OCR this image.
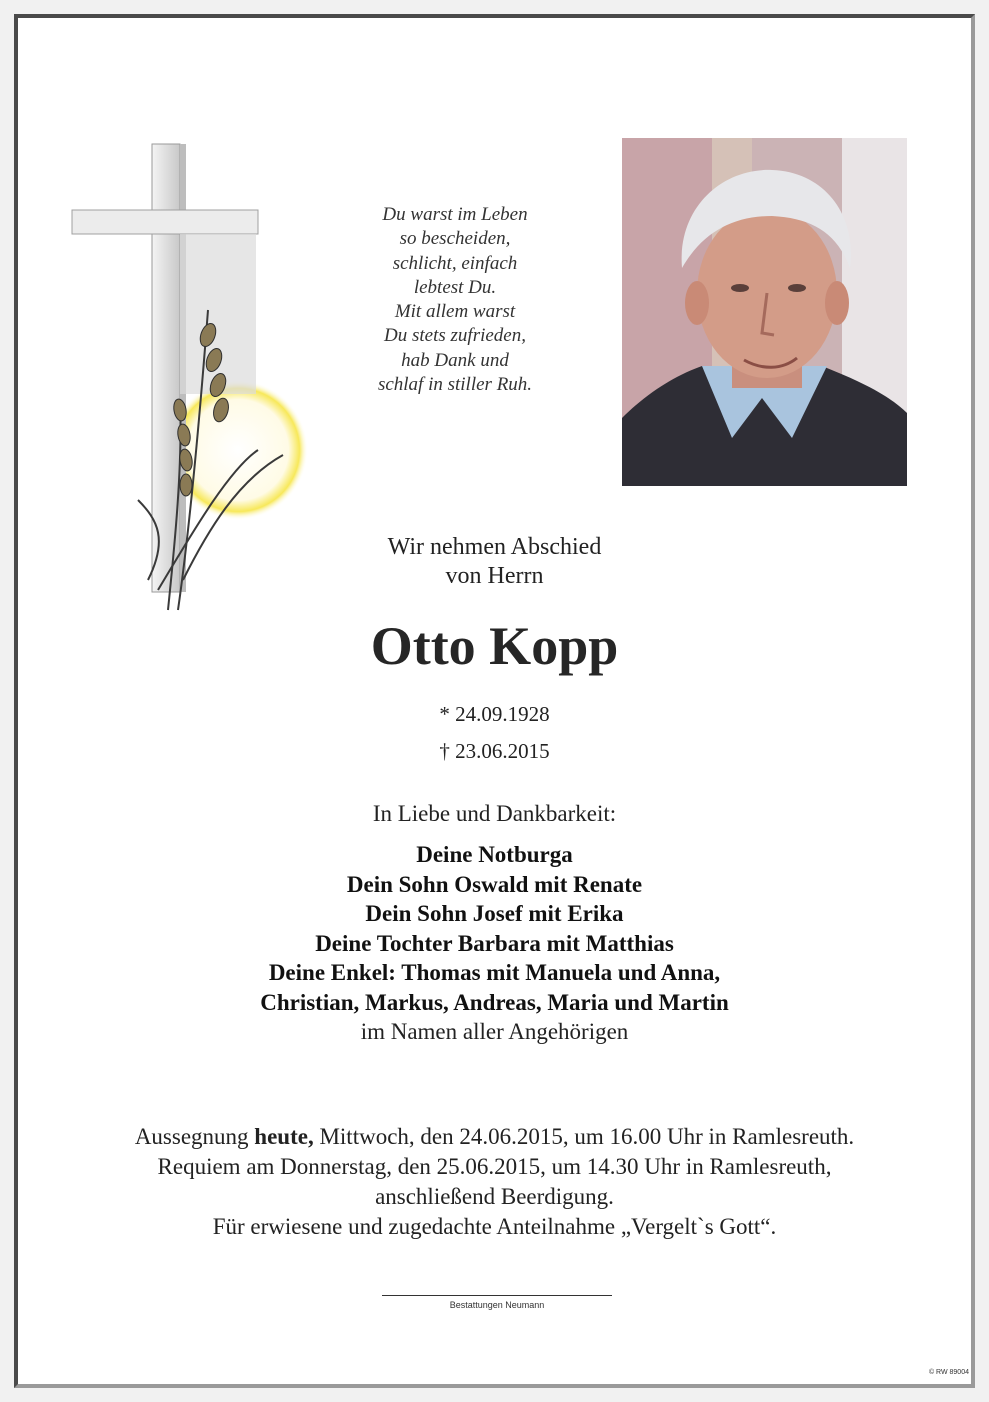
Du warst im Leben
so bescheiden,
schlicht, einfach
lebtest Du.
Mit allem warst
Du stets zufrieden,
hab Dank und
schlaf in stiller Ruh.
Wir nehmen Abschied
von Herrn
Otto Kopp
* 24.09.1928
† 23.06.2015
In Liebe und Dankbarkeit:
Deine Notburga
Dein Sohn Oswald mit Renate
Dein Sohn Josef mit Erika
Deine Tochter Barbara mit Matthias
Deine Enkel: Thomas mit Manuela und Anna,
Christian, Markus, Andreas, Maria und Martin
im Namen aller Angehörigen
Aussegnung heute, Mittwoch, den 24.06.2015, um 16.00 Uhr in Ramlesreuth.
Requiem am Donnerstag, den 25.06.2015, um 14.30 Uhr in Ramlesreuth,
anschließend Beerdigung.
Für erwiesene und zugedachte Anteilnahme „Vergelt`s Gott“.
Bestattungen Neumann
© RW 89004
